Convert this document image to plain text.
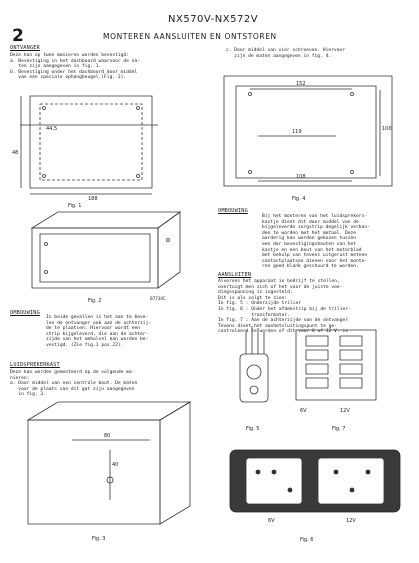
2
NX570V-NX572V
MONTEREN AANSLUITEN EN ONTSTOREN
ONTVANGER
Deze kan op twee manieren worden bevestigd:
a. Bevestiging in het dashboard waarvoor de na-
ten zijn aangegeven in fig. 1.
b. Bevestiging onder het dashboord door middel
van een speciale ophangbeugel.(Fig. 2).
44,5
48
188
Fig. 1
Fig. 2	B7734C
OMBOUWING
In beide gevallen is het aan te beve-
len de ontvanger ook aan de achterzij-
de te plaatsen. Hiervoor wordt een
strip bijgeleverd, die aan de achter-
zijde van het omhulsel kan worden be-
vestigd. (Zie fig.1 pos.22).
LUIDSPREKERKAST
Deze kan worden gemonteerd op de volgende ma-
nieren:
a. Door middel van een centrale bout. De maten
voor de plaats van dit gat zijn aangegeven
in fig. 3.
80
40
Fig. 3
c. Door middel van vier schroeven. Hiervoor
zijn de maten aangegeven in fig. 4.
152
119	100
108
Fig. 4
OMBOUWING
Bij het monteren van het luidsprekers-
kastje dient dit door middel van de
bijgeleverde zorgstrip degelijk verbon-
den te worden met het metaal. Deze
aarderig kan worden gekozen tussen
een der bevestigingsbouten van het
kastje en een bout van het motorblad
met behulp van tevens uitgerust meteen
contactplaatsen dienen voor het monte-
ren goed blank geschuurd te worden.
AANSLUITEN
Alvorens het apparaat in bedrijf te stellen,
overtuigt men zich of het voor de juiste voe-
dingsspanning is ingesteld.
Dit is als volgt te zien:
In fig. 5 : Onderzijde trilier
In fig. 6 : Onder het afdekstrip bij de trilier-
transformator.
In fig. 7 : Aan de achterzijde van de ontvanger
Tevens dient het aanhetsluitingspunt te ge-
controleerd te worden of dit voor 6 of 12 V. is
6V	12V
Fig. 5	Fig. 7
6V	12V
Fig. 6
